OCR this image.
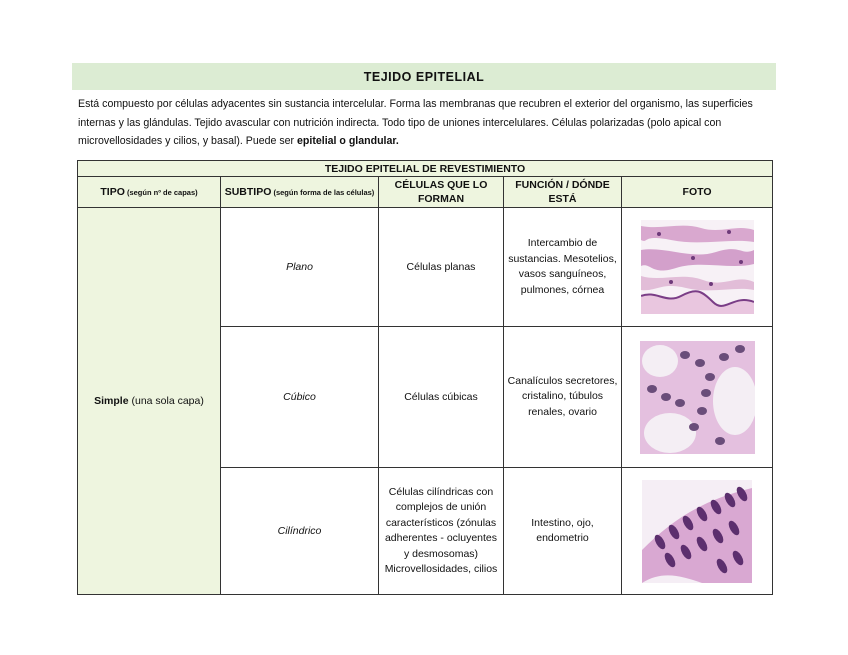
TEJIDO EPITELIAL
Está compuesto por células adyacentes sin sustancia intercelular. Forma las membranas que recubren el exterior del organismo, las superficies internas y las glándulas. Tejido avascular con nutrición indirecta. Todo tipo de uniones intercelulares. Células polarizadas (polo apical con microvellosidades y cilios, y basal). Puede ser epitelial o glandular.
TEJIDO EPITELIAL DE REVESTIMIENTO				
TIPO (según nº de capas)	SUBTIPO (según forma de las células)	CÉLULAS QUE LO FORMAN	FUNCIÓN / DÓNDE ESTÁ	FOTO
Simple (una sola capa)	Plano	Células planas	Intercambio de sustancias. Mesotelios, vasos sanguíneos, pulmones, córnea	

	Cúbico	Células cúbicas	Canalículos secretores, cristalino, túbulos renales, ovario	

	Cilíndrico	Células cilíndricas con complejos de unión característicos (zónulas adherentes - ocluyentes y desmosomas) Microvellosidades, cilios	Intestino, ojo, endometrio	
